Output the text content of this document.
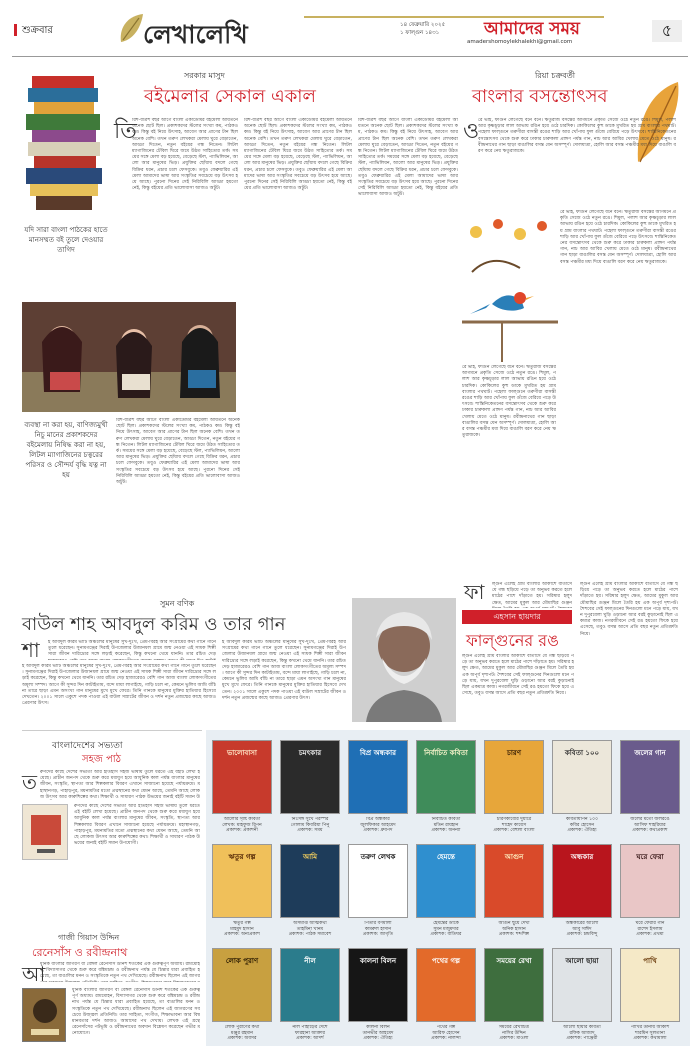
শুক্রবার	লেখালেখি	১৪ ফেব্রুয়ারি ২০২৫
১ ফাল্গুন ১৪৩১	আমাদের সময়
amadershomoylekhalekhi@gmail.com
৫
সরকার মাসুদ
বইমেলার সেকাল একাল
তি
রিশ-বত্রিশ বছর আগে বাংলা একাডেমির বইমেলা আয়তনে অনেক ছোট ছিল। প্রকাশকদের স্টলের সংখ্যা কম, পাঠকও কম। কিন্তু বই নিয়ে উৎসাহ, আবেগ আর প্রাণের টান ছিল অনেক বেশি। তখন তরুণ লেখকরা মেলায় ঘুরে বেড়াতেন, আড্ডা দিতেন, নতুন বইয়ের গন্ধ নিতেন। লিটল ম্যাগাজিনের টেবিল ঘিরে জমে উঠত সাহিত্যের তর্ক। সময়ের সঙ্গে মেলা বড় হয়েছে, বেড়েছে স্টল, প্যাভিলিয়ন, আলো আর মানুষের ভিড়। প্রযুক্তির ছোঁয়ায় বদলে গেছে বিক্রির ধরন, প্রচার চলে ফেসবুকে। তবুও ফেব্রুয়ারির এই মেলা আমাদের ভাষা আর সংস্কৃতির সবচেয়ে বড় উৎসব হয়ে আছে। পুরনো দিনের সেই নিরিবিলি আড্ডা হয়তো নেই, কিন্তু বইয়ের প্রতি ভালোবাসা আজও অটুট।
রিশ-বত্রিশ বছর আগে বাংলা একাডেমির বইমেলা আয়তনে অনেক ছোট ছিল। প্রকাশকদের স্টলের সংখ্যা কম, পাঠকও কম। কিন্তু বই নিয়ে উৎসাহ, আবেগ আর প্রাণের টান ছিল অনেক বেশি। তখন তরুণ লেখকরা মেলায় ঘুরে বেড়াতেন, আড্ডা দিতেন, নতুন বইয়ের গন্ধ নিতেন। লিটল ম্যাগাজিনের টেবিল ঘিরে জমে উঠত সাহিত্যের তর্ক। সময়ের সঙ্গে মেলা বড় হয়েছে, বেড়েছে স্টল, প্যাভিলিয়ন, আলো আর মানুষের ভিড়। প্রযুক্তির ছোঁয়ায় বদলে গেছে বিক্রির ধরন, প্রচার চলে ফেসবুকে। তবুও ফেব্রুয়ারির এই মেলা আমাদের ভাষা আর সংস্কৃতির সবচেয়ে বড় উৎসব হয়ে আছে। পুরনো দিনের সেই নিরিবিলি আড্ডা হয়তো নেই, কিন্তু বইয়ের প্রতি ভালোবাসা আজও অটুট।
রিশ-বত্রিশ বছর আগে বাংলা একাডেমির বইমেলা আয়তনে অনেক ছোট ছিল। প্রকাশকদের স্টলের সংখ্যা কম, পাঠকও কম। কিন্তু বই নিয়ে উৎসাহ, আবেগ আর প্রাণের টান ছিল অনেক বেশি। তখন তরুণ লেখকরা মেলায় ঘুরে বেড়াতেন, আড্ডা দিতেন, নতুন বইয়ের গন্ধ নিতেন। লিটল ম্যাগাজিনের টেবিল ঘিরে জমে উঠত সাহিত্যের তর্ক। সময়ের সঙ্গে মেলা বড় হয়েছে, বেড়েছে স্টল, প্যাভিলিয়ন, আলো আর মানুষের ভিড়। প্রযুক্তির ছোঁয়ায় বদলে গেছে বিক্রির ধরন, প্রচার চলে ফেসবুকে। তবুও ফেব্রুয়ারির এই মেলা আমাদের ভাষা আর সংস্কৃতির সবচেয়ে বড় উৎসব হয়ে আছে। পুরনো দিনের সেই নিরিবিলি আড্ডা হয়তো নেই, কিন্তু বইয়ের প্রতি ভালোবাসা আজও অটুট।
যদি সারা বাংলা পাঠকের হাতে মানসম্মত বই তুলে দেওয়ার তাগিদ
ব্যবস্থা না করা হয়, বাণিজ্যমুখী নিচু মানের প্রকাশকদের বইমেলায় নিষিদ্ধ করা না হয়, লিটল ম্যাগাজিনের চত্বরের পরিসর ও সৌন্দর্য বৃদ্ধি যত্ন না হয়
রিশ-বত্রিশ বছর আগে বাংলা একাডেমির বইমেলা আয়তনে অনেক ছোট ছিল। প্রকাশকদের স্টলের সংখ্যা কম, পাঠকও কম। কিন্তু বই নিয়ে উৎসাহ, আবেগ আর প্রাণের টান ছিল অনেক বেশি। তখন তরুণ লেখকরা মেলায় ঘুরে বেড়াতেন, আড্ডা দিতেন, নতুন বইয়ের গন্ধ নিতেন। লিটল ম্যাগাজিনের টেবিল ঘিরে জমে উঠত সাহিত্যের তর্ক। সময়ের সঙ্গে মেলা বড় হয়েছে, বেড়েছে স্টল, প্যাভিলিয়ন, আলো আর মানুষের ভিড়। প্রযুক্তির ছোঁয়ায় বদলে গেছে বিক্রির ধরন, প্রচার চলে ফেসবুকে। তবুও ফেব্রুয়ারির এই মেলা আমাদের ভাষা আর সংস্কৃতির সবচেয়ে বড় উৎসব হয়ে আছে। পুরনো দিনের সেই নিরিবিলি আড্ডা হয়তো নেই, কিন্তু বইয়ের প্রতি ভালোবাসা আজও অটুট।
রিয়া চক্রবর্তী
বাংলার বসন্তোৎসব
ও
রে ভাই, ফাগুন লেগেছে বনে বনে। ঋতুরাজ বসন্তের আগমনে প্রকৃতি সেজে ওঠে নতুন রঙে। শিমুল, পলাশ আর কৃষ্ণচূড়ার লাল আভায় রঙিন হয়ে ওঠে চারদিক। কোকিলের কুহু ডাকে মুখরিত হয় গ্রাম বাংলার পথঘাট। পহেলা ফাল্গুনে তরুণীরা বাসন্তী রঙের শাড়ি আর খোঁপায় ফুল গুঁজে বেরিয়ে পড়ে উৎসবে। শান্তিনিকেতনের বসন্তোৎসব থেকে শুরু করে ঢাকার চারুকলা প্রাঙ্গণ পর্যন্ত গান, নাচ আর আবির খেলায় মেতে ওঠে মানুষ। রবীন্দ্রনাথের গান ছাড়া বাঙালির বসন্ত যেন অসম্পূর্ণ। দোলযাত্রা, হোলি আর বসন্ত পঞ্চমীর মধ্য দিয়ে বাঙালি বরণ করে নেয় ঋতুরাজকে।
রে ভাই, ফাগুন লেগেছে বনে বনে। ঋতুরাজ বসন্তের আগমনে প্রকৃতি সেজে ওঠে নতুন রঙে। শিমুল, পলাশ আর কৃষ্ণচূড়ার লাল আভায় রঙিন হয়ে ওঠে চারদিক। কোকিলের কুহু ডাকে মুখরিত হয় গ্রাম বাংলার পথঘাট। পহেলা ফাল্গুনে তরুণীরা বাসন্তী রঙের শাড়ি আর খোঁপায় ফুল গুঁজে বেরিয়ে পড়ে উৎসবে। শান্তিনিকেতনের বসন্তোৎসব থেকে শুরু করে ঢাকার চারুকলা প্রাঙ্গণ পর্যন্ত গান, নাচ আর আবির খেলায় মেতে ওঠে মানুষ। রবীন্দ্রনাথের গান ছাড়া বাঙালির বসন্ত যেন অসম্পূর্ণ। দোলযাত্রা, হোলি আর বসন্ত পঞ্চমীর মধ্য দিয়ে বাঙালি বরণ করে নেয় ঋতুরাজকে।
রে ভাই, ফাগুন লেগেছে বনে বনে। ঋতুরাজ বসন্তের আগমনে প্রকৃতি সেজে ওঠে নতুন রঙে। শিমুল, পলাশ আর কৃষ্ণচূড়ার লাল আভায় রঙিন হয়ে ওঠে চারদিক। কোকিলের কুহু ডাকে মুখরিত হয় গ্রাম বাংলার পথঘাট। পহেলা ফাল্গুনে তরুণীরা বাসন্তী রঙের শাড়ি আর খোঁপায় ফুল গুঁজে বেরিয়ে পড়ে উৎসবে। শান্তিনিকেতনের বসন্তোৎসব থেকে শুরু করে ঢাকার চারুকলা প্রাঙ্গণ পর্যন্ত গান, নাচ আর আবির খেলায় মেতে ওঠে মানুষ। রবীন্দ্রনাথের গান ছাড়া বাঙালির বসন্ত যেন অসম্পূর্ণ। দোলযাত্রা, হোলি আর বসন্ত পঞ্চমীর মধ্য দিয়ে বাঙালি বরণ করে নেয় ঋতুরাজকে।
ফা ল্গুন এলেই গ্রাম বাংলার আকাশে বাতাসে যে গন্ধ ছড়িয়ে পড়ে তা অনুভব করতে হলে মাঠের পাশে দাঁড়াতে হয়। সরিষার হলুদ ক্ষেত, আমের মুকুল আর মৌমাছির গুঞ্জন
এহসান হায়দার
ফাল্গুনের রঙ
ল্গুন এলেই গ্রাম বাংলার আকাশে বাতাসে যে গন্ধ ছড়িয়ে পড়ে তা অনুভব করতে হলে মাঠের পাশে দাঁড়াতে হয়। সরিষার হলুদ ক্ষেত, আমের মুকুল আর মৌমাছির গুঞ্জন মিলে তৈরি হয় এক অপূর্ব দৃশ্যপট। শৈশবের সেই ফাল্গুনের দিনগুলো মনে পড়ে যায়, যখন দুপুরবেলা ঘুড়ি ওড়ানো আর বরই কুড়ানোই ছিল একমাত্র কাজ। নগরজীবনে সেই রঙ হয়তো ফিকে হয়ে এসেছে, তবুও বসন্ত আসে প্রতি বছর নতুন প্রতিশ্রুতি নিয়ে।
ল্গুন এলেই গ্রাম বাংলার আকাশে বাতাসে যে গন্ধ ছড়িয়ে পড়ে তা অনুভব করতে হলে মাঠের পাশে দাঁড়াতে হয়। সরিষার হলুদ ক্ষেত, আমের মুকুল আর মৌমাছির গুঞ্জন মিলে তৈরি হয় এক অপূর্ব দৃশ্যপট। শৈশবের সেই ফাল্গুনের দিনগুলো মনে পড়ে যায়, যখন দুপুরবেলা ঘুড়ি ওড়ানো আর বরই কুড়ানোই ছিল একমাত্র কাজ। নগরজীবনে সেই রঙ হয়তো ফিকে হয়ে এসেছে, তবুও বসন্ত আসে প্রতি বছর নতুন প্রতিশ্রুতি নিয়ে।
সুমন বণিক
বাউল শাহ আবদুল করিম ও তার গান
শা হ আবদুল করিম ভাটি অঞ্চলের মানুষের সুখ-দুঃখ, প্রেম-বিরহ আর সংগ্রামের কথা গানে গানে তুলে ধরেছেন। সুনামগঞ্জের দিরাই উপজেলার উজানধল গ্রামে জন্ম নেওয়া এই সাধক শিল্পী সারা জীবন দারিদ্র্যের সঙ্গে লড়াই করেছেন, কিন্তু কখনো থেমে যাননি। তার রচিত দেড়
হ আবদুল করিম ভাটি অঞ্চলের মানুষের সুখ-দুঃখ, প্রেম-বিরহ আর সংগ্রামের কথা গানে গানে তুলে ধরেছেন। সুনামগঞ্জের দিরাই উপজেলার উজানধল গ্রামে জন্ম নেওয়া এই সাধক শিল্পী সারা জীবন দারিদ্র্যের সঙ্গে লড়াই করেছেন, কিন্তু কখনো থেমে যাননি। তার রচিত দেড় হাজারেরও বেশি গান আজ বাংলা লোকসংগীতের অমূল্য সম্পদ। আগে কী সুন্দর দিন কাটাইতাম, বন্দে মায়া লাগাইছে, গাড়ি চলে না, কেমনে ভুলিব আমি বাঁচি না তারে ছাড়া এমন অসংখ্য গান মানুষের মুখে মুখে ফেরে। তিনি গানকে মানুষের মুক্তির হাতিয়ার হিসেবে দেখতেন। ২০০১ সালে একুশে পদক পাওয়া এই বাউল সম্রাটের জীবন ও দর্শন নতুন প্রজন্মের কাছে আজও প্রেরণার উৎস।
হ আবদুল করিম ভাটি অঞ্চলের মানুষের সুখ-দুঃখ, প্রেম-বিরহ আর সংগ্রামের কথা গানে গানে তুলে ধরেছেন। সুনামগঞ্জের দিরাই উপজেলার উজানধল গ্রামে জন্ম নেওয়া এই সাধক শিল্পী সারা জীবন দারিদ্র্যের সঙ্গে লড়াই করেছেন, কিন্তু কখনো থেমে যাননি। তার রচিত দেড় হাজারেরও বেশি গান আজ বাংলা লোকসংগীতের অমূল্য সম্পদ। আগে কী সুন্দর দিন কাটাইতাম, বন্দে মায়া লাগাইছে, গাড়ি চলে না, কেমনে ভুলিব আমি বাঁচি না তারে ছাড়া এমন অসংখ্য গান মানুষের মুখে মুখে ফেরে। তিনি গানকে মানুষের মুক্তির হাতিয়ার হিসেবে দেখতেন। ২০০১ সালে একুশে পদক পাওয়া এই বাউল সম্রাটের জীবন ও দর্শন নতুন প্রজন্মের কাছে আজও প্রেরণার উৎস।
বাংলাদেশের সভ্যতা
সহজ পাঠ
ত রুণদের কাছে দেশের সভ্যতা আর ইতিহাস সহজ ভাষায় তুলে ধরতে এই বইটি লেখা হয়েছে। প্রাচীন জনপদ থেকে শুরু করে মধ্যযুগ হয়ে আধুনিক কাল পর্যন্ত বাংলার মানুষের জীবন, সংস্কৃতি, স্থাপত্য আর শিল্পকলার বিবরণ এখানে সাজানো হয়েছে পর্যায়ক্রমে। মহাস্থানগড়, পাহাড়পুর, ময়নামতির মতো প্রত্নস্থানের কথা যেমন আছে, তেমনি আছে লোকজ উৎসব আর কারুশিল্পের কথা। শিক্ষার্থী ও সাধারণ পাঠক উভয়ের জন্যই বইটি সমান উ
রুণদের কাছে দেশের সভ্যতা আর ইতিহাস সহজ ভাষায় তুলে ধরতে এই বইটি লেখা হয়েছে। প্রাচীন জনপদ থেকে শুরু করে মধ্যযুগ হয়ে আধুনিক কাল পর্যন্ত বাংলার মানুষের জীবন, সংস্কৃতি, স্থাপত্য আর শিল্পকলার বিবরণ এখানে সাজানো হয়েছে পর্যায়ক্রমে। মহাস্থানগড়, পাহাড়পুর, ময়নামতির মতো প্রত্নস্থানের কথা যেমন আছে, তেমনি আছে লোকজ উৎসব আর কারুশিল্পের কথা। শিক্ষার্থী ও সাধারণ পাঠক উভয়ের জন্যই বইটি সমান উপযোগী।
গাজী গিয়াস উদ্দিন
রেনেসাঁস ও রবীন্দ্রনাথ
আ
ধুনিক বাংলার জাগরণ বা বেঙ্গল রেনেসাঁস উনিশ শতকের এক গুরুত্বপূর্ণ অধ্যায়। রামমোহন, বিদ্যাসাগর থেকে শুরু করে বঙ্কিমচন্দ্র ও রবীন্দ্রনাথ পর্যন্ত যে চিন্তার ধারা প্রবাহিত হয়েছে, তা বাঙালির মনন ও সংস্কৃতিকে নতুন পথ দেখিয়েছে। রবীন্দ্রনাথ ছিলেন এই জাগর
ধুনিক বাংলার জাগরণ বা বেঙ্গল রেনেসাঁস উনিশ শতকের এক গুরুত্বপূর্ণ অধ্যায়। রামমোহন, বিদ্যাসাগর থেকে শুরু করে বঙ্কিমচন্দ্র ও রবীন্দ্রনাথ পর্যন্ত যে চিন্তার ধারা প্রবাহিত হয়েছে, তা বাঙালির মনন ও সংস্কৃতিকে নতুন পথ দেখিয়েছে। রবীন্দ্রনাথ ছিলেন এই জাগরণের সবচেয়ে উজ্জ্বল প্রতিনিধি। তার সাহিত্য, সংগীত, শিক্ষাভাবনা আর বিশ্বমানবতার দর্শন আজও আমাদের পথ দেখায়। লেখক এই গ্রন্থে রেনেসাঁসের পটভূমি ও রবীন্দ্রনাথের অবদান বিশ্লেষণ করেছেন গভীর মনোযোগে।
ভালোবাসা
আলোর সৃষ্টি কবিতা
লেখক: মাহফুজ রিপন
প্রকাশক: প্রকাশনী
চমৎকার
নিঃসঙ্গ সুখে পরস্পর
গোলাম কিবরিয়া পিনু
প্রকাশক: সময়
বিপ্র অন্ধকার
বিপ্র অন্ধকার
জুলফিকার আহমেদ
প্রকাশক: ধ্রুবপদ
নির্বাচিত কবিতা
নির্বাচিত কবিতা
মতিন রায়হান
প্রকাশক: অনন্যা
চারণ
চারণকাব্যের দুয়ারে
শাহেদ কায়েস
প্রকাশক: বেহুলা বাংলা
কবিতা ১০০
কবিতাযাপন ১০০
কবির হোসেন
প্রকাশক: ঐতিহ্য
জলের গান
জলের মতো জলরঙে
আসিফ শাহরিয়ার
প্রকাশক: কথাপ্রকাশ
ঋতুর গল্প
ঋতুর গল্প
মাহমুদ হাসান
প্রকাশক: অন্যপ্রকাশ
আমি
অসমাপ্ত আত্মকথা
তাহমিনা খানম
প্রকাশক: পাঠক সমাবেশ
তরুণ লেখক
পিতার বর্ণমালা
কামরুল হাসান
প্রকাশক: জাগৃতি
হেমন্তে
হেমন্তের ডাকে
সুমন মজুমদার
প্রকাশক: বাতিঘর
আগুন
আগুন ছুঁয়ে দেখা
অনিক হাসান
প্রকাশক: শব্দশিল্প
অন্ধকার
অন্ধকারের আলো
আবু সাঈদ
প্রকাশক: চন্দ্রবিন্দু
ঘরে ফেরা
ঘরে ফেরার গান
রাশেদ ইসলাম
প্রকাশক: প্রথমা
লোক পুরাণ
লোক পুরাণের কথা
মঞ্জুর রহমান
প্রকাশক: অবসর
নীল
নীল পাহাড়ের দেশে
ফারহানা আক্তার
প্রকাশক: আদর্শ
কালনা বিলন
কালনা বিলন
তানভীর আহমেদ
প্রকাশক: ঐতিহ্য
পথের গল্প
পথের গল্প
আরিফ হোসেন
প্রকাশক: নালন্দা
সময়ের রেখা
সময়ের রেখাচিত্র
নাসির উদ্দিন
প্রকাশক: মাওলা
আলো ছায়া
আলো ছায়ার কবিতা
রফিক আজাদ
প্রকাশক: পাঞ্জেরী
পাখি
পাখির ডানায় আকাশ
শারমিন সুলতানা
প্রকাশক: কথামালা
